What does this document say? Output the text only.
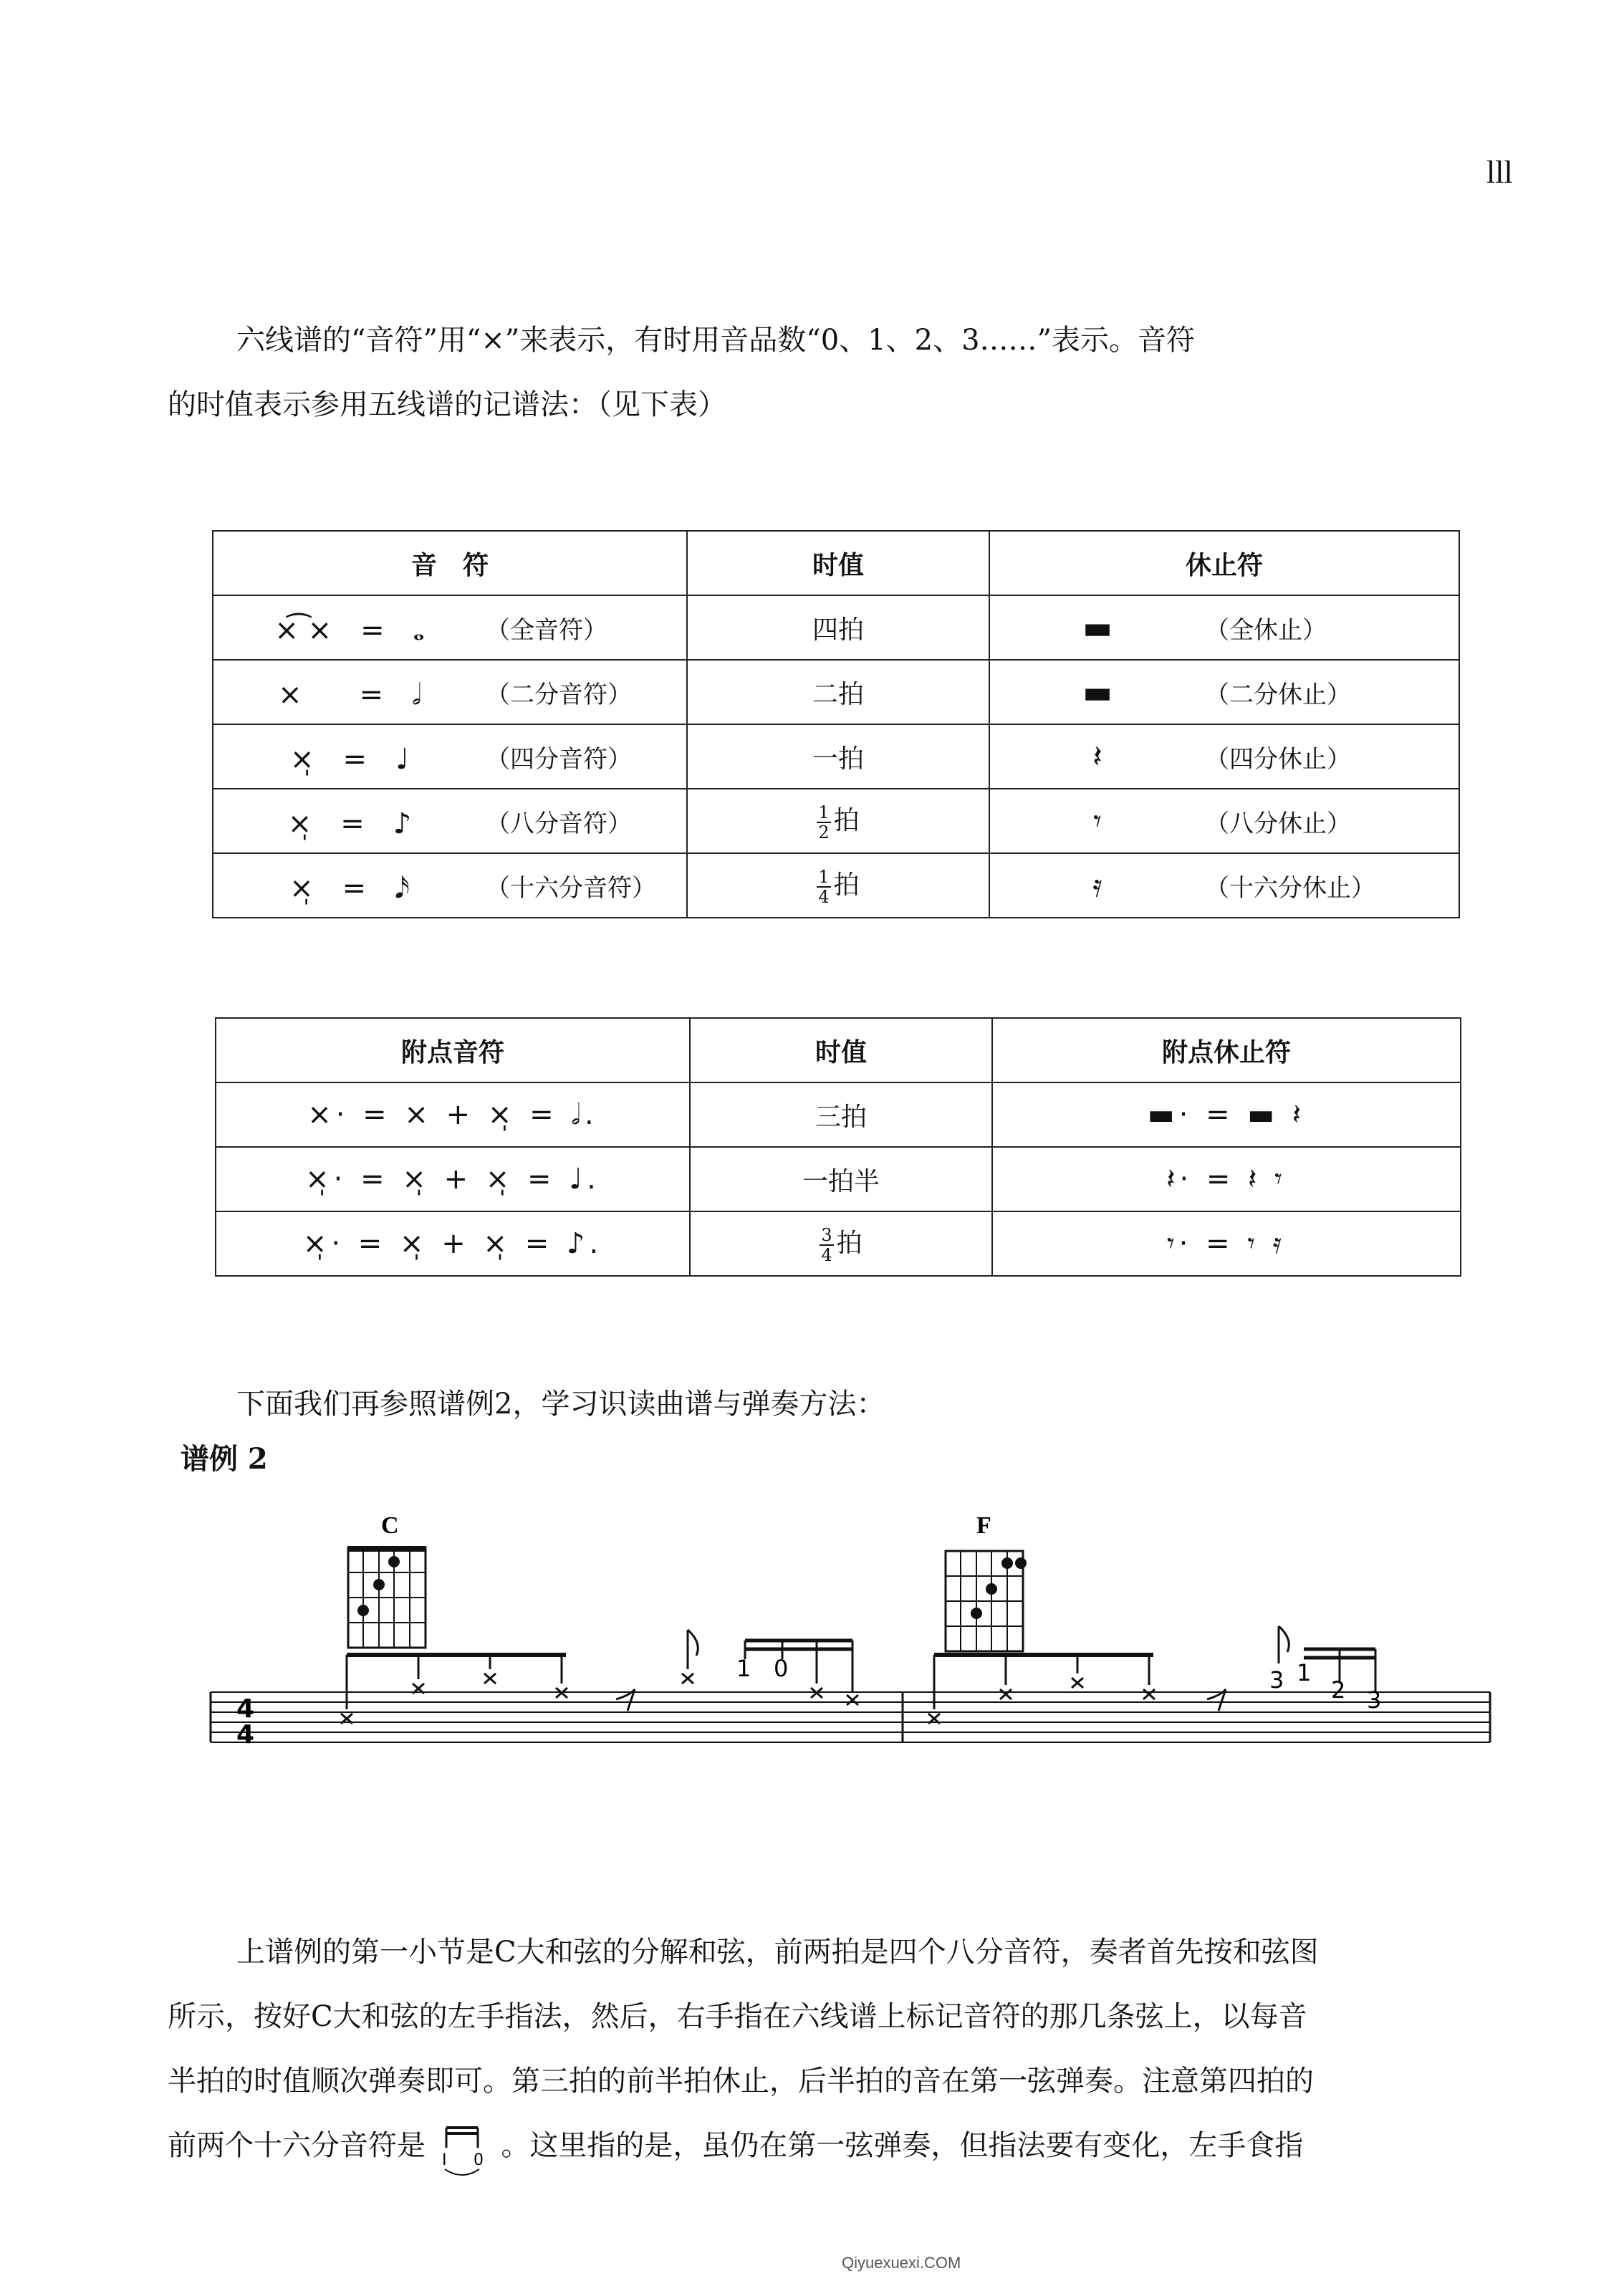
lll
六线谱的“音符”用“×”来表示，有时用音品数“0、1、2、3……”表示。音符
的时值表示参用五线谱的记谱法：（见下表）
音　符	时值	休止符

×͡ ×　=　𝅝 （全音符）	四拍	▬ （全休止）

×　　=　𝅗𝅥 （二分音符）	二拍	▬ （二分休止）

×̩　=　♩ （四分音符）	一拍	𝄽 （四分休止）

×̩　=　♪ （八分音符）	$\frac{1}{2}$ 拍	𝄾 （八分休止）

×̩　=　𝅘𝅥𝅯 （十六分音符）	$\frac{1}{4}$ 拍	𝄿 （十六分休止）
附点音符	时值	附点休止符
×· = × + ×̩ = 𝅗𝅥.	三拍	▬· = ▬ 𝄽
×̩· = ×̩ + ×̩ = ♩.	一拍半	𝄽· = 𝄽 𝄾
×̩· = ×̩ + ×̩ = ♪.	$\frac{3}{4}$ 拍	𝄾· = 𝄾 𝄿
下面我们再参照谱例2，学习识读曲谱与弹奏方法：
谱例 2
C	F
4
4
1 0	3 1
2 3
上谱例的第一小节是C大和弦的分解和弦，前两拍是四个八分音符，奏者首先按和弦图
所示，按好C大和弦的左手指法，然后，右手指在六线谱上标记音符的那几条弦上，以每音
半拍的时值顺次弹奏即可。第三拍的前半拍休止，后半拍的音在第一弦弹奏。注意第四拍的
前两个十六分音符是 I 0 。这里指的是，虽仍在第一弦弹奏，但指法要有变化，左手食指
Qiyuexuexi.COM
